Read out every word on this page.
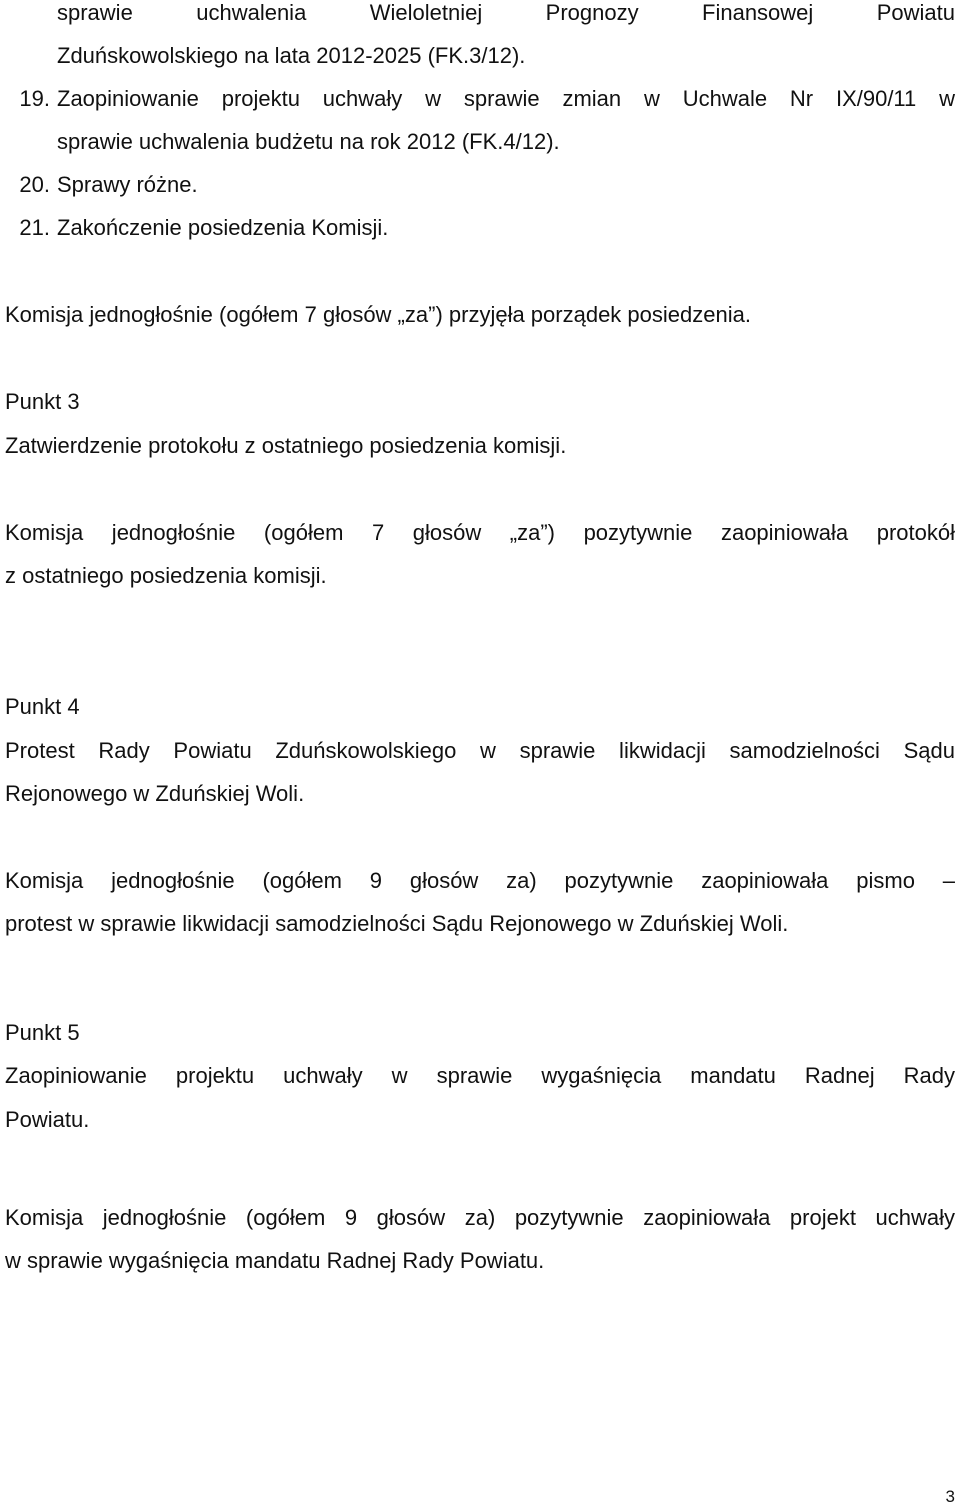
sprawie uchwalenia Wieloletniej Prognozy Finansowej Powiatu
Zduńskowolskiego na lata 2012-2025 (FK.3/12).
19. Zaopiniowanie projektu uchwały w sprawie zmian w Uchwale Nr IX/90/11 w
sprawie uchwalenia budżetu na rok 2012 (FK.4/12).
20. Sprawy różne.
21. Zakończenie posiedzenia Komisji.
Komisja jednogłośnie (ogółem 7 głosów „za”) przyjęła porządek posiedzenia.
Punkt 3
Zatwierdzenie protokołu z ostatniego posiedzenia komisji.
Komisja jednogłośnie (ogółem 7 głosów „za”) pozytywnie zaopiniowała protokół
z ostatniego posiedzenia komisji.
Punkt 4
Protest Rady Powiatu Zduńskowolskiego w sprawie likwidacji samodzielności Sądu
Rejonowego w Zduńskiej Woli.
Komisja jednogłośnie (ogółem 9 głosów za) pozytywnie zaopiniowała pismo –
protest w sprawie likwidacji samodzielności Sądu Rejonowego w Zduńskiej Woli.
Punkt 5
Zaopiniowanie projektu uchwały w sprawie wygaśnięcia mandatu Radnej Rady
Powiatu.
Komisja jednogłośnie (ogółem 9 głosów za) pozytywnie zaopiniowała projekt uchwały
w sprawie wygaśnięcia mandatu Radnej Rady Powiatu.
3
